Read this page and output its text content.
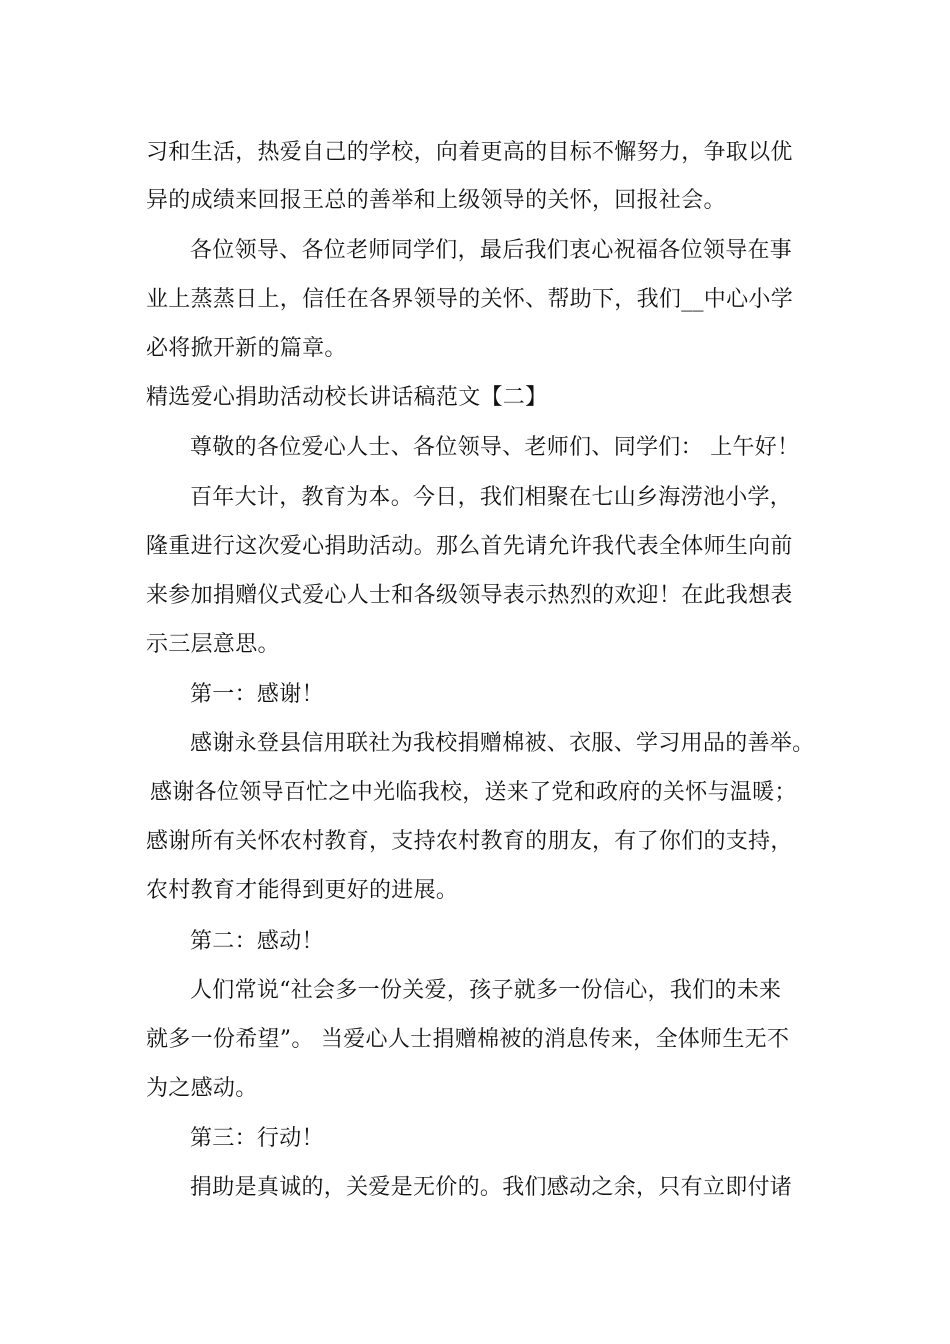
习和生活，热爱自己的学校，向着更高的目标不懈努力，争取以优
异的成绩来回报王总的善举和上级领导的关怀，回报社会。
各位领导、各位老师同学们，最后我们衷心祝福各位领导在事
业上蒸蒸日上，信任在各界领导的关怀、帮助下，我们__中心小学
必将掀开新的篇章。
精选爱心捐助活动校长讲话稿范文【二】
尊敬的各位爱心人士、各位领导、老师们、同学们： 上午好！
百年大计，教育为本。今日，我们相聚在七山乡海涝池小学，
隆重进行这次爱心捐助活动。那么首先请允许我代表全体师生向前
来参加捐赠仪式爱心人士和各级领导表示热烈的欢迎！在此我想表
示三层意思。
第一：感谢！
感谢永登县信用联社为我校捐赠棉被、衣服、学习用品的善举。
感谢各位领导百忙之中光临我校，送来了党和政府的关怀与温暖；
感谢所有关怀农村教育，支持农村教育的朋友，有了你们的支持，
农村教育才能得到更好的进展。
第二：感动！
人们常说“社会多一份关爱，孩子就多一份信心，我们的未来
就多一份希望”。 当爱心人士捐赠棉被的消息传来，全体师生无不
为之感动。
第三：行动！
捐助是真诚的，关爱是无价的。我们感动之余，只有立即付诸
